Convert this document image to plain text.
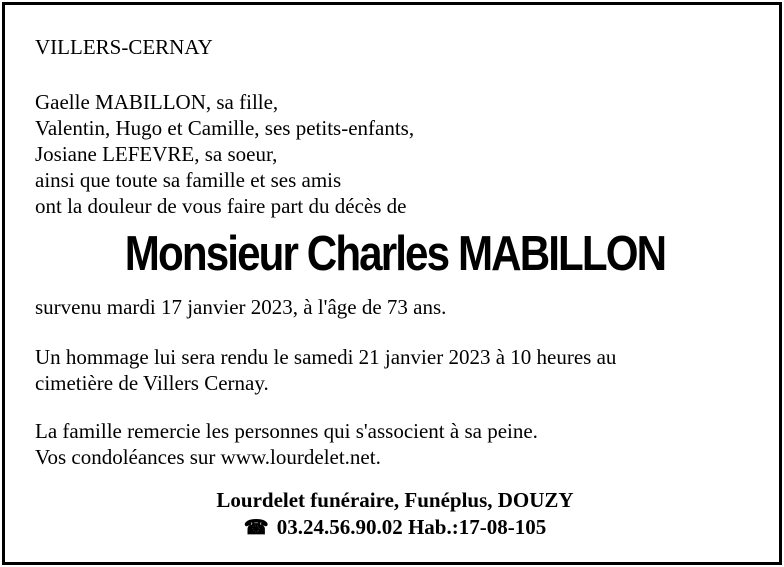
VILLERS-CERNAY
Gaelle MABILLON, sa fille,
Valentin, Hugo et Camille, ses petits-enfants,
Josiane LEFEVRE, sa soeur,
ainsi que toute sa famille et ses amis
ont la douleur de vous faire part du décès de
Monsieur Charles MABILLON
survenu mardi 17 janvier 2023, à l'âge de 73 ans.
Un hommage lui sera rendu le samedi 21 janvier 2023 à 10 heures au
cimetière de Villers Cernay.
La famille remercie les personnes qui s'associent à sa peine.
Vos condoléances sur www.lourdelet.net.
Lourdelet funéraire, Funéplus, DOUZY
☎ 03.24.56.90.02 Hab.:17-08-105
